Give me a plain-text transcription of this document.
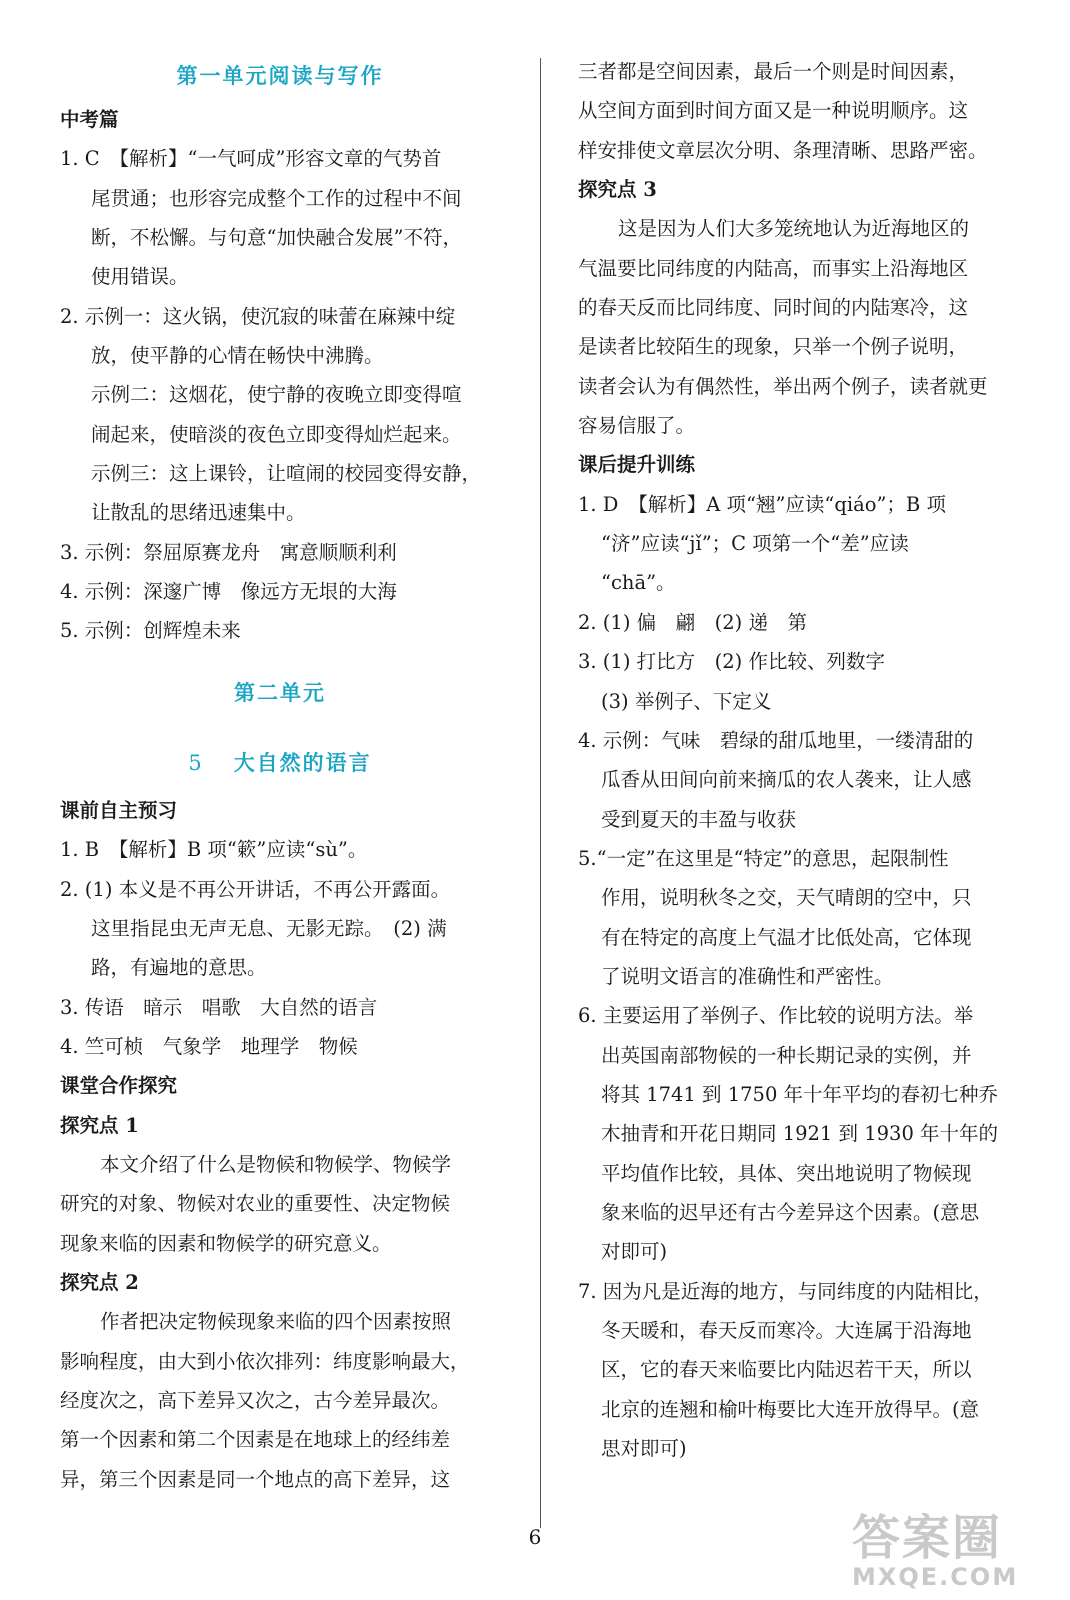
第一单元阅读与写作
中考篇
1. C　【解析】“一气呵成”形容文章的气势首
尾贯通；也形容完成整个工作的过程中不间
断，不松懈。与句意“加快融合发展”不符，
使用错误。
2. 示例一：这火锅，使沉寂的味蕾在麻辣中绽
放，使平静的心情在畅快中沸腾。
示例二：这烟花，使宁静的夜晚立即变得喧
闹起来，使暗淡的夜色立即变得灿烂起来。
示例三：这上课铃，让喧闹的校园变得安静，
让散乱的思绪迅速集中。
3. 示例：祭屈原赛龙舟　寓意顺顺利利
4. 示例：深邃广博　像远方无垠的大海
5. 示例：创辉煌未来
第二单元
5 大自然的语言
课前自主预习
1. B　【解析】B 项“簌”应读“sù”。
2. (1) 本义是不再公开讲话，不再公开露面。
这里指昆虫无声无息、无影无踪。　(2) 满
路，有遍地的意思。
3. 传语　暗示　唱歌　大自然的语言
4. 竺可桢　气象学　地理学　物候
课堂合作探究
探究点 1
本文介绍了什么是物候和物候学、物候学
研究的对象、物候对农业的重要性、决定物候
现象来临的因素和物候学的研究意义。
探究点 2
作者把决定物候现象来临的四个因素按照
影响程度，由大到小依次排列：纬度影响最大，
经度次之，高下差异又次之，古今差异最次。
第一个因素和第二个因素是在地球上的经纬差
异，第三个因素是同一个地点的高下差异，这
三者都是空间因素，最后一个则是时间因素，
从空间方面到时间方面又是一种说明顺序。这
样安排使文章层次分明、条理清晰、思路严密。
探究点 3
这是因为人们大多笼统地认为近海地区的
气温要比同纬度的内陆高，而事实上沿海地区
的春天反而比同纬度、同时间的内陆寒冷，这
是读者比较陌生的现象，只举一个例子说明，
读者会认为有偶然性，举出两个例子，读者就更
容易信服了。
课后提升训练
1. D　【解析】A 项“翘”应读“qiáo”；B 项
“济”应读“jǐ”；C 项第一个“差”应读
“chā”。
2. (1) 偏　翩　(2) 递　第
3. (1) 打比方　(2) 作比较、列数字
(3) 举例子、下定义
4. 示例：气味　碧绿的甜瓜地里，一缕清甜的
瓜香从田间向前来摘瓜的农人袭来，让人感
受到夏天的丰盈与收获
5.“一定”在这里是“特定”的意思，起限制性
作用，说明秋冬之交，天气晴朗的空中，只
有在特定的高度上气温才比低处高，它体现
了说明文语言的准确性和严密性。
6. 主要运用了举例子、作比较的说明方法。举
出英国南部物候的一种长期记录的实例，并
将其 1741 到 1750 年十年平均的春初七种乔
木抽青和开花日期同 1921 到 1930 年十年的
平均值作比较，具体、突出地说明了物候现
象来临的迟早还有古今差异这个因素。(意思
对即可)
7. 因为凡是近海的地方，与同纬度的内陆相比，
冬天暖和，春天反而寒冷。大连属于沿海地
区，它的春天来临要比内陆迟若干天，所以
北京的连翘和榆叶梅要比大连开放得早。(意
思对即可)
6	答案圈
MXQE.COM
